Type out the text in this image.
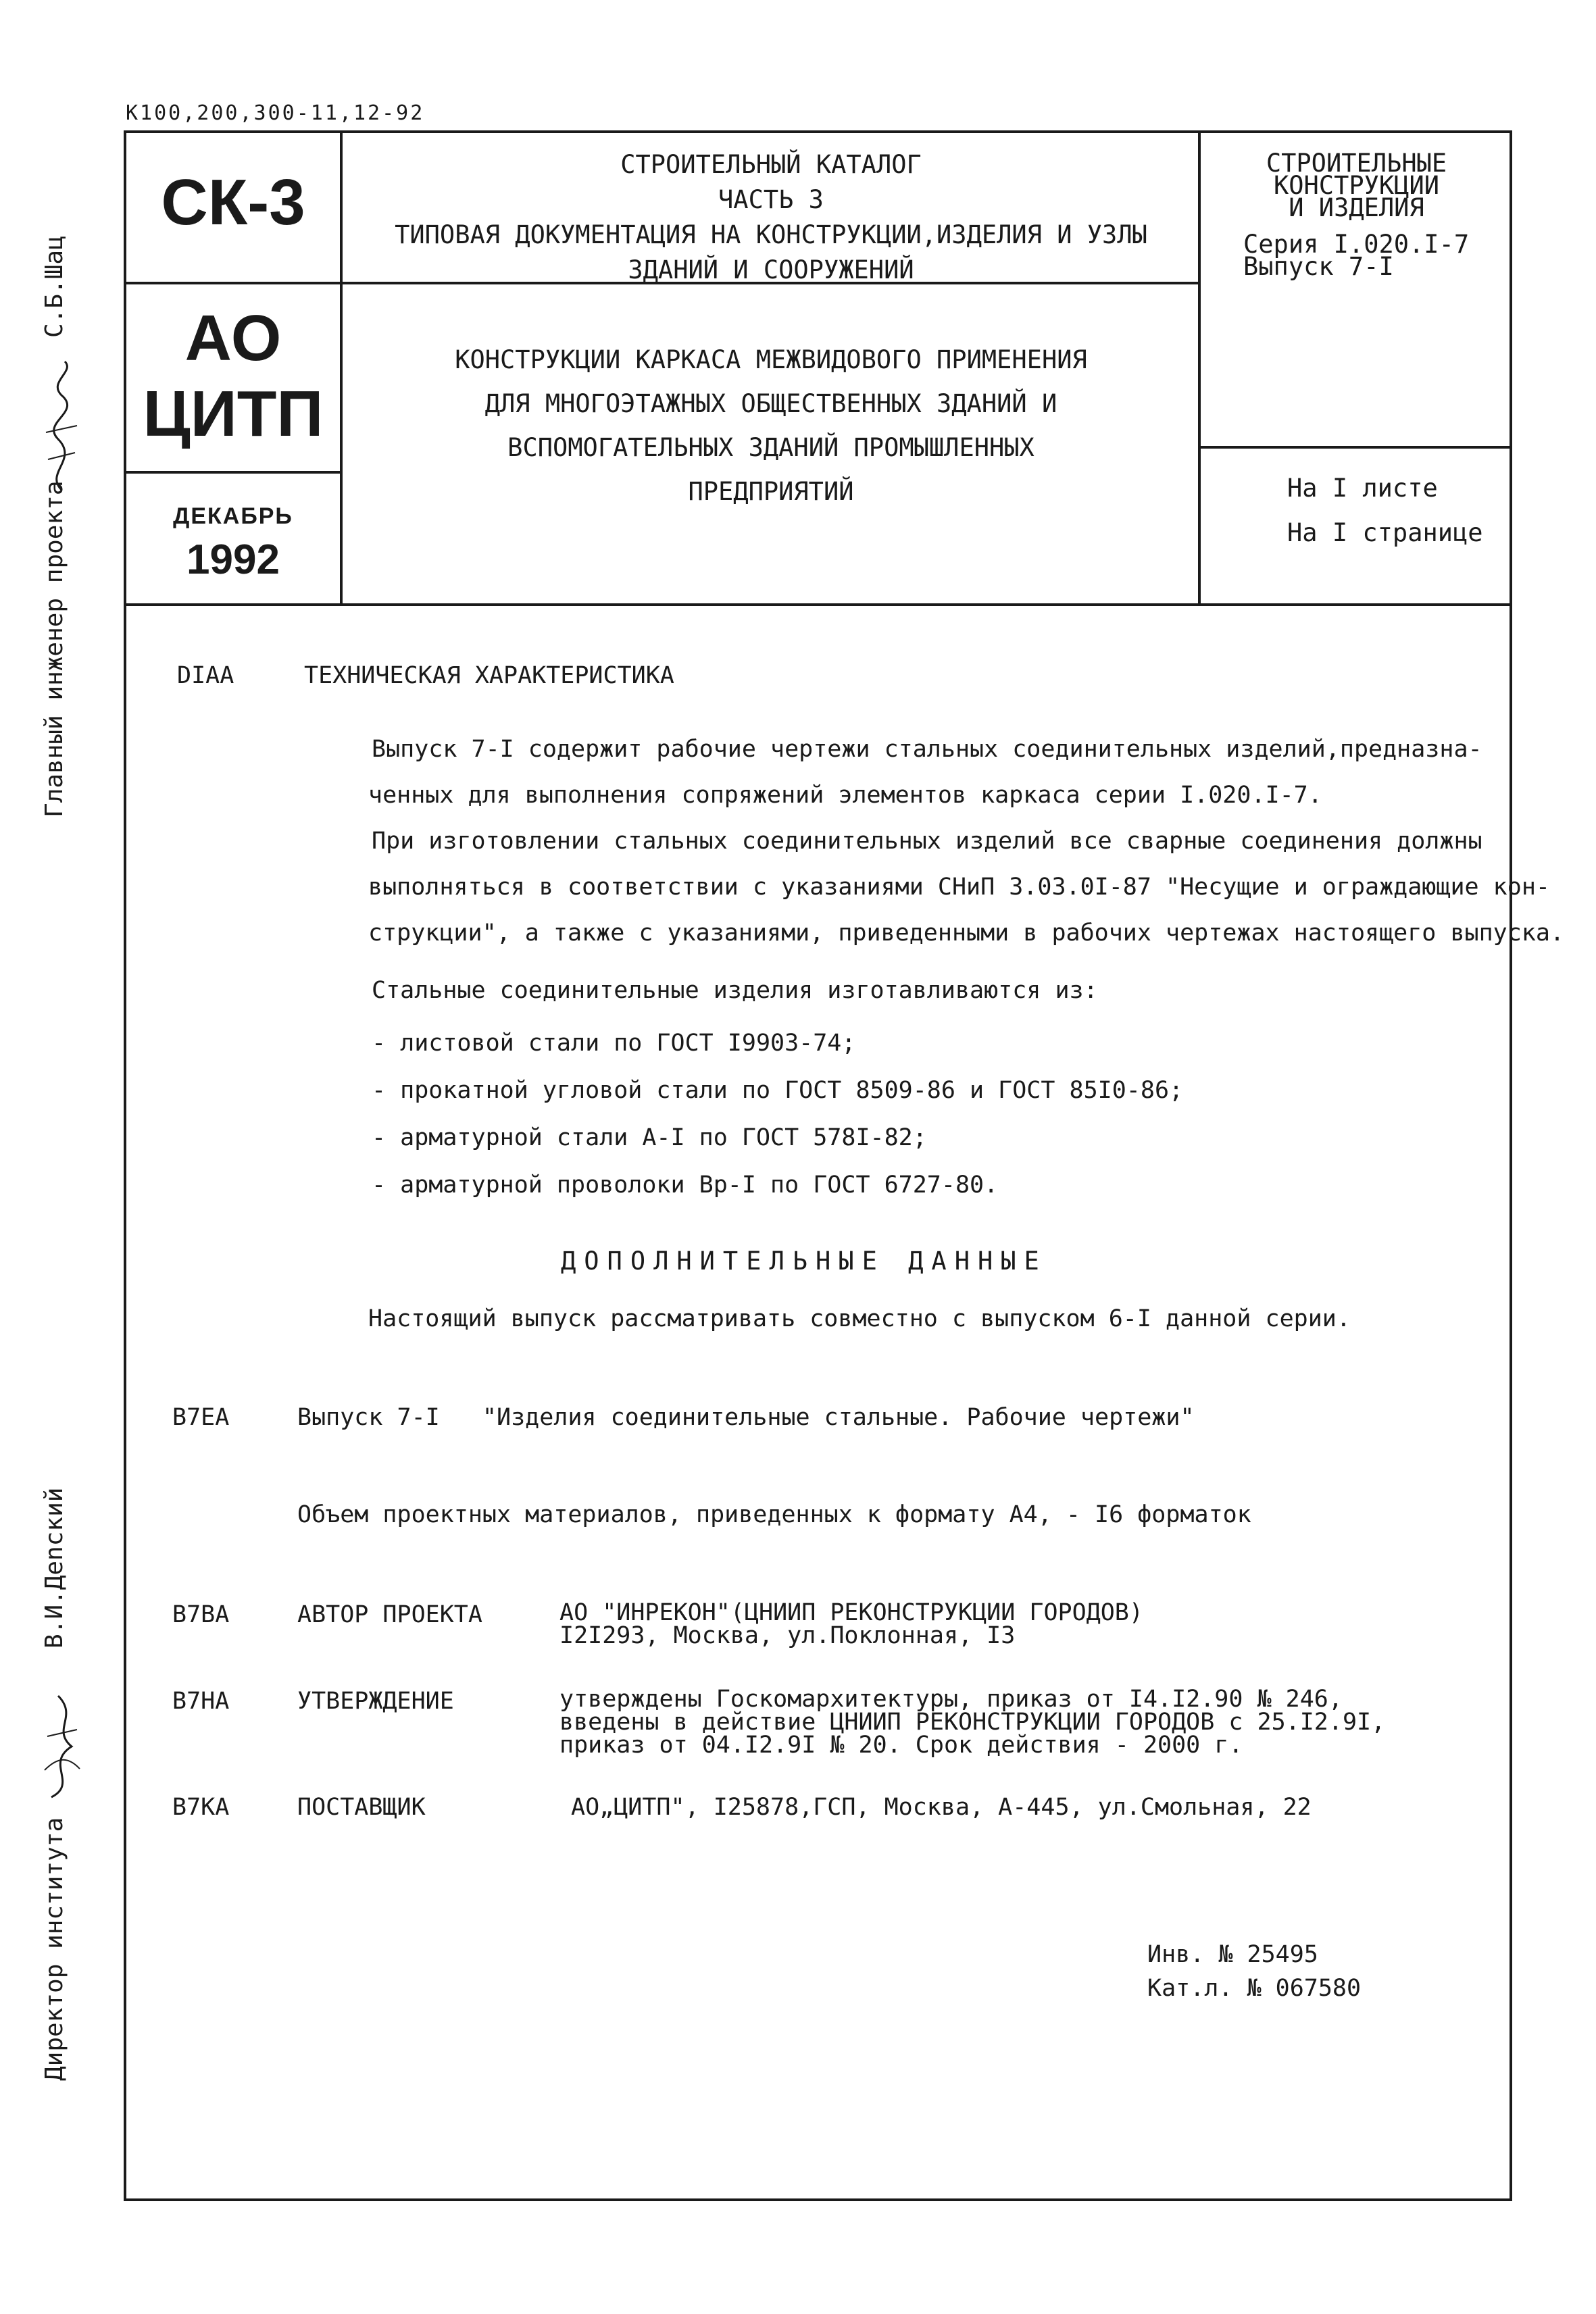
К100,200,300-11,12-92
СК-3
АО
ЦИТП
ДЕКАБРЬ
1992
СТРОИТЕЛЬНЫЙ КАТАЛОГ
ЧАСТЬ 3
ТИПОВАЯ ДОКУМЕНТАЦИЯ НА КОНСТРУКЦИИ,ИЗДЕЛИЯ И УЗЛЫ
ЗДАНИЙ И СООРУЖЕНИЙ
КОНСТРУКЦИИ КАРКАСА МЕЖВИДОВОГО ПРИМЕНЕНИЯ
ДЛЯ МНОГОЭТАЖНЫХ ОБЩЕСТВЕННЫХ ЗДАНИЙ И
ВСПОМОГАТЕЛЬНЫХ ЗДАНИЙ ПРОМЫШЛЕННЫХ
ПРЕДПРИЯТИЙ
СТРОИТЕЛЬНЫЕ
КОНСТРУКЦИИ
И ИЗДЕЛИЯ
Серия I.020.I-7
Выпуск 7-I
На I листе
На I странице
Главный инженер проекта
С.Б.Шац
Директор института
В.И.Деnский
DIAA	ТЕХНИЧЕСКАЯ ХАРАКТЕРИСТИКА
Выпуск 7-I содержит рабочие чертежи стальных соединительных изделий,предназна-
ченных для выполнения сопряжений элементов каркаса серии I.020.I-7.
При изготовлении стальных соединительных изделий все сварные соединения должны
выполняться в соответствии с указаниями СНиП 3.03.0I-87 "Несущие и ограждающие кон-
струкции", а также с указаниями, приведенными в рабочих чертежах настоящего выпуска.
Стальные соединительные изделия изготавливаются из:
- листовой стали по ГОСТ I9903-74;
- прокатной угловой стали по ГОСТ 8509-86 и ГОСТ 85I0-86;
- арматурной стали А-I по ГОСТ 578I-82;
- арматурной проволоки Вр-I по ГОСТ 6727-80.
ДОПОЛНИТЕЛЬНЫЕ ДАННЫЕ
Настоящий выпуск рассматривать совместно с выпуском 6-I данной серии.
В7ЕА	Выпуск 7-I   "Изделия соединительные стальные. Рабочие чертежи"
Объем проектных материалов, приведенных к формату А4, - I6 форматок
В7ВА	АВТОР ПРОЕКТА	АО "ИНРЕКОН"(ЦНИИП РЕКОНСТРУКЦИИ ГОРОДОВ)
I2I293, Москва, ул.Поклонная, I3
В7НА	УТВЕРЖДЕНИЕ	утверждены Госкомархитектуры, приказ от I4.I2.90 № 246,
введены в действие ЦНИИП РЕКОНСТРУКЦИИ ГОРОДОВ с 25.I2.9I,
приказ от 04.I2.9I № 20. Срок действия - 2000 г.
В7КА	ПОСТАВЩИК	АО„ЦИТП", I25878,ГСП, Москва, А-445, ул.Смольная, 22
Инв. № 25495
Кат.л. № 067580
